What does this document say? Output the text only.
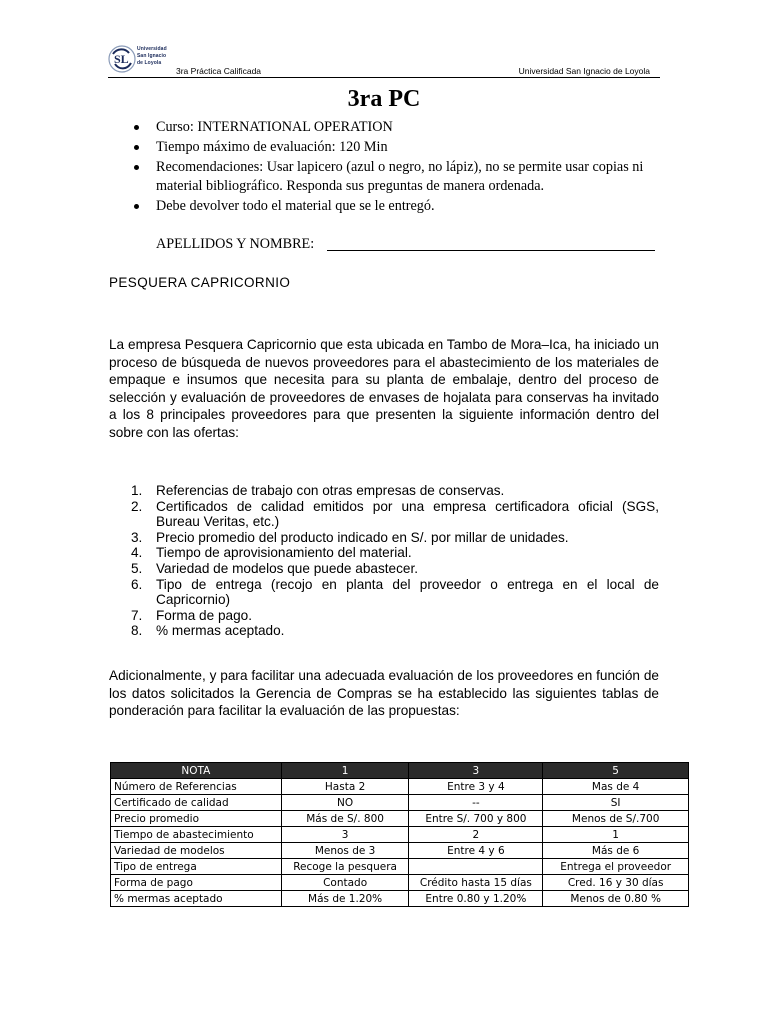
SL
Universidad
San Ignacio
de Loyola
3ra Práctica Calificada	Universidad San Ignacio de Loyola
3ra PC
Curso: INTERNATIONAL OPERATION
Tiempo máximo de evaluación: 120 Min
Recomendaciones: Usar lapicero (azul o negro, no lápiz), no se permite usar copias ni material bibliográfico. Responda sus preguntas de manera ordenada.
Debe devolver todo el material que se le entregó.
APELLIDOS Y NOMBRE:
PESQUERA CAPRICORNIO

La empresa Pesquera Capricornio que esta ubicada en Tambo de Mora–Ica, ha iniciado un proceso de búsqueda de nuevos proveedores para el abastecimiento de los materiales de empaque e insumos que necesita para su planta de embalaje, dentro del proceso de selección y evaluación de proveedores de envases de hojalata para conservas ha invitado a los 8 principales proveedores para que presenten la siguiente información dentro del sobre con las ofertas:

1. Referencias de trabajo con otras empresas de conservas.
2. Certificados de calidad emitidos por una empresa certificadora oficial (SGS, Bureau Veritas, etc.)
3. Precio promedio del producto indicado en S/. por millar de unidades.
4. Tiempo de aprovisionamiento del material.
5. Variedad de modelos que puede abastecer.
6. Tipo de entrega (recojo en planta del proveedor o entrega en el local de Capricornio)
7. Forma de pago.
8. % mermas aceptado.

Adicionalmente, y para facilitar una adecuada evaluación de los proveedores en función de los datos solicitados la Gerencia de Compras se ha establecido las siguientes tablas de ponderación para facilitar la evaluación de las propuestas:

NOTA	1	3	5
Número de Referencias	Hasta 2	Entre 3 y 4	Mas de 4
Certificado de calidad	NO	--	SI
Precio promedio	Más de S/. 800	Entre S/. 700 y 800	Menos de S/.700
Tiempo de abastecimiento	3	2	1
Variedad de modelos	Menos de 3	Entre 4 y 6	Más de 6
Tipo de entrega	Recoge la pesquera		Entrega el proveedor
Forma de pago	Contado	Crédito hasta 15 días	Cred. 16 y 30 días
% mermas aceptado	Más de 1.20%	Entre 0.80 y 1.20%	Menos de 0.80 %
